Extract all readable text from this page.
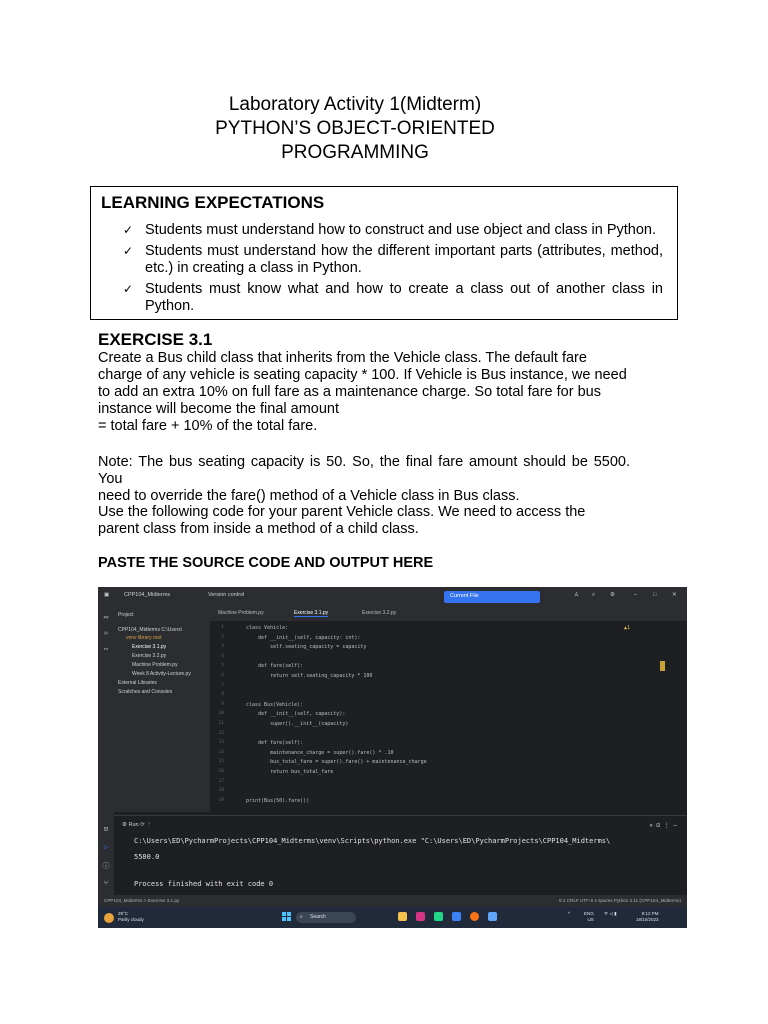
Laboratory Activity 1(Midterm)
PYTHON’S OBJECT-ORIENTED
PROGRAMMING
LEARNING EXPECTATIONS
✓ Students must understand how to construct and use object and class in Python.
✓ Students must understand how the different important parts (attributes, method, etc.) in creating a class in Python.
✓ Students must know what and how to create a class out of another class in Python.
EXERCISE 3.1
Create a Bus child class that inherits from the Vehicle class. The default fare
charge of any vehicle is seating capacity * 100. If Vehicle is Bus instance, we need
to add an extra 10% on full fare as a maintenance charge. So total fare for bus
instance will become the final amount
= total fare + 10% of the total fare.
Note: The bus seating capacity is 50. So, the final fare amount should be 5500. You
need to override the fare() method of a Vehicle class in Bus class.
Use the following code for your parent Vehicle class. We need to access the
parent class from inside a method of a child class.
PASTE THE SOURCE CODE AND OUTPUT HERE
▣	CPP104_Midterms	Version control	Current File	♙ ⌕	⚙	–	□	✕
▭
♾
⋯
⊡
▷
ⓘ
⑂
Project
CPP104_Midterms C:\Users\
venv library root
Exercise 3.1.py
Exercise 3.2.py
Machine Problem.py
Week 8 Activity-Lecture.py
External Libraries
Scratches and Consoles
Machine Problem.py	Exercise 3.1.py	Exercise 3.2.py
▲1
1	class Vehicle:
2	def __init__(self, capacity: int):
3	self.seating_capacity = capacity
4
5	def fare(self):
6	return self.seating_capacity * 100
7
8
9	class Bus(Vehicle):
10	def __init__(self, capacity):
11	super().__init__(capacity)
12
13	def fare(self):
14	maintenance_charge = super().fare() * .10
15	bus_total_fare = super().fare() + maintenance_charge
16	return bus_total_fare
17
18
19	print(Bus(50).fare())
⚙ Run ⟳ ⋮	✕ ⊡ ⋮ –
C:\Users\ED\PycharmProjects\CPP104_Midterms\venv\Scripts\python.exe "C:\Users\ED\PycharmProjects\CPP104_Midterms\
5500.0
Process finished with exit code 0
CPP104_Midterms > Exercise 3.1.py	5:1 CRLF UTF-8 4 spaces Python 3.11 (CPP104_Midterms)
29°C
Partly cloudy	⌕ Search
^	ENG
US
ᯤ ◁ ▮	9:12 PM
18/10/2023
